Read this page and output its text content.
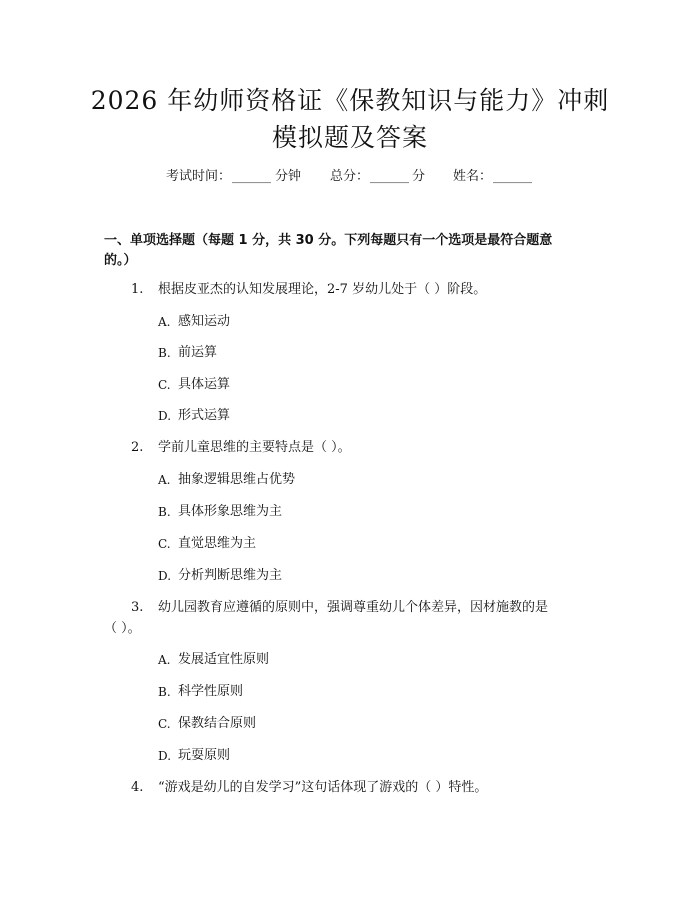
2026 年幼师资格证《保教知识与能力》冲刺
模拟题及答案
考试时间： ______ 分钟 总分： ______ 分 姓名： ______
一、单项选择题（每题 1 分，共 30 分。下列每题只有一个选项是最符合题意
的。）
1. 根据皮亚杰的认知发展理论，2-7 岁幼儿处于（ ）阶段。
A. 感知运动
B. 前运算
C. 具体运算
D. 形式运算
2. 学前儿童思维的主要特点是（ ）。
A. 抽象逻辑思维占优势
B. 具体形象思维为主
C. 直觉思维为主
D. 分析判断思维为主
3. 幼儿园教育应遵循的原则中，强调尊重幼儿个体差异，因材施教的是
（ ）。
A. 发展适宜性原则
B. 科学性原则
C. 保教结合原则
D. 玩耍原则
4. “游戏是幼儿的自发学习”这句话体现了游戏的（ ）特性。
